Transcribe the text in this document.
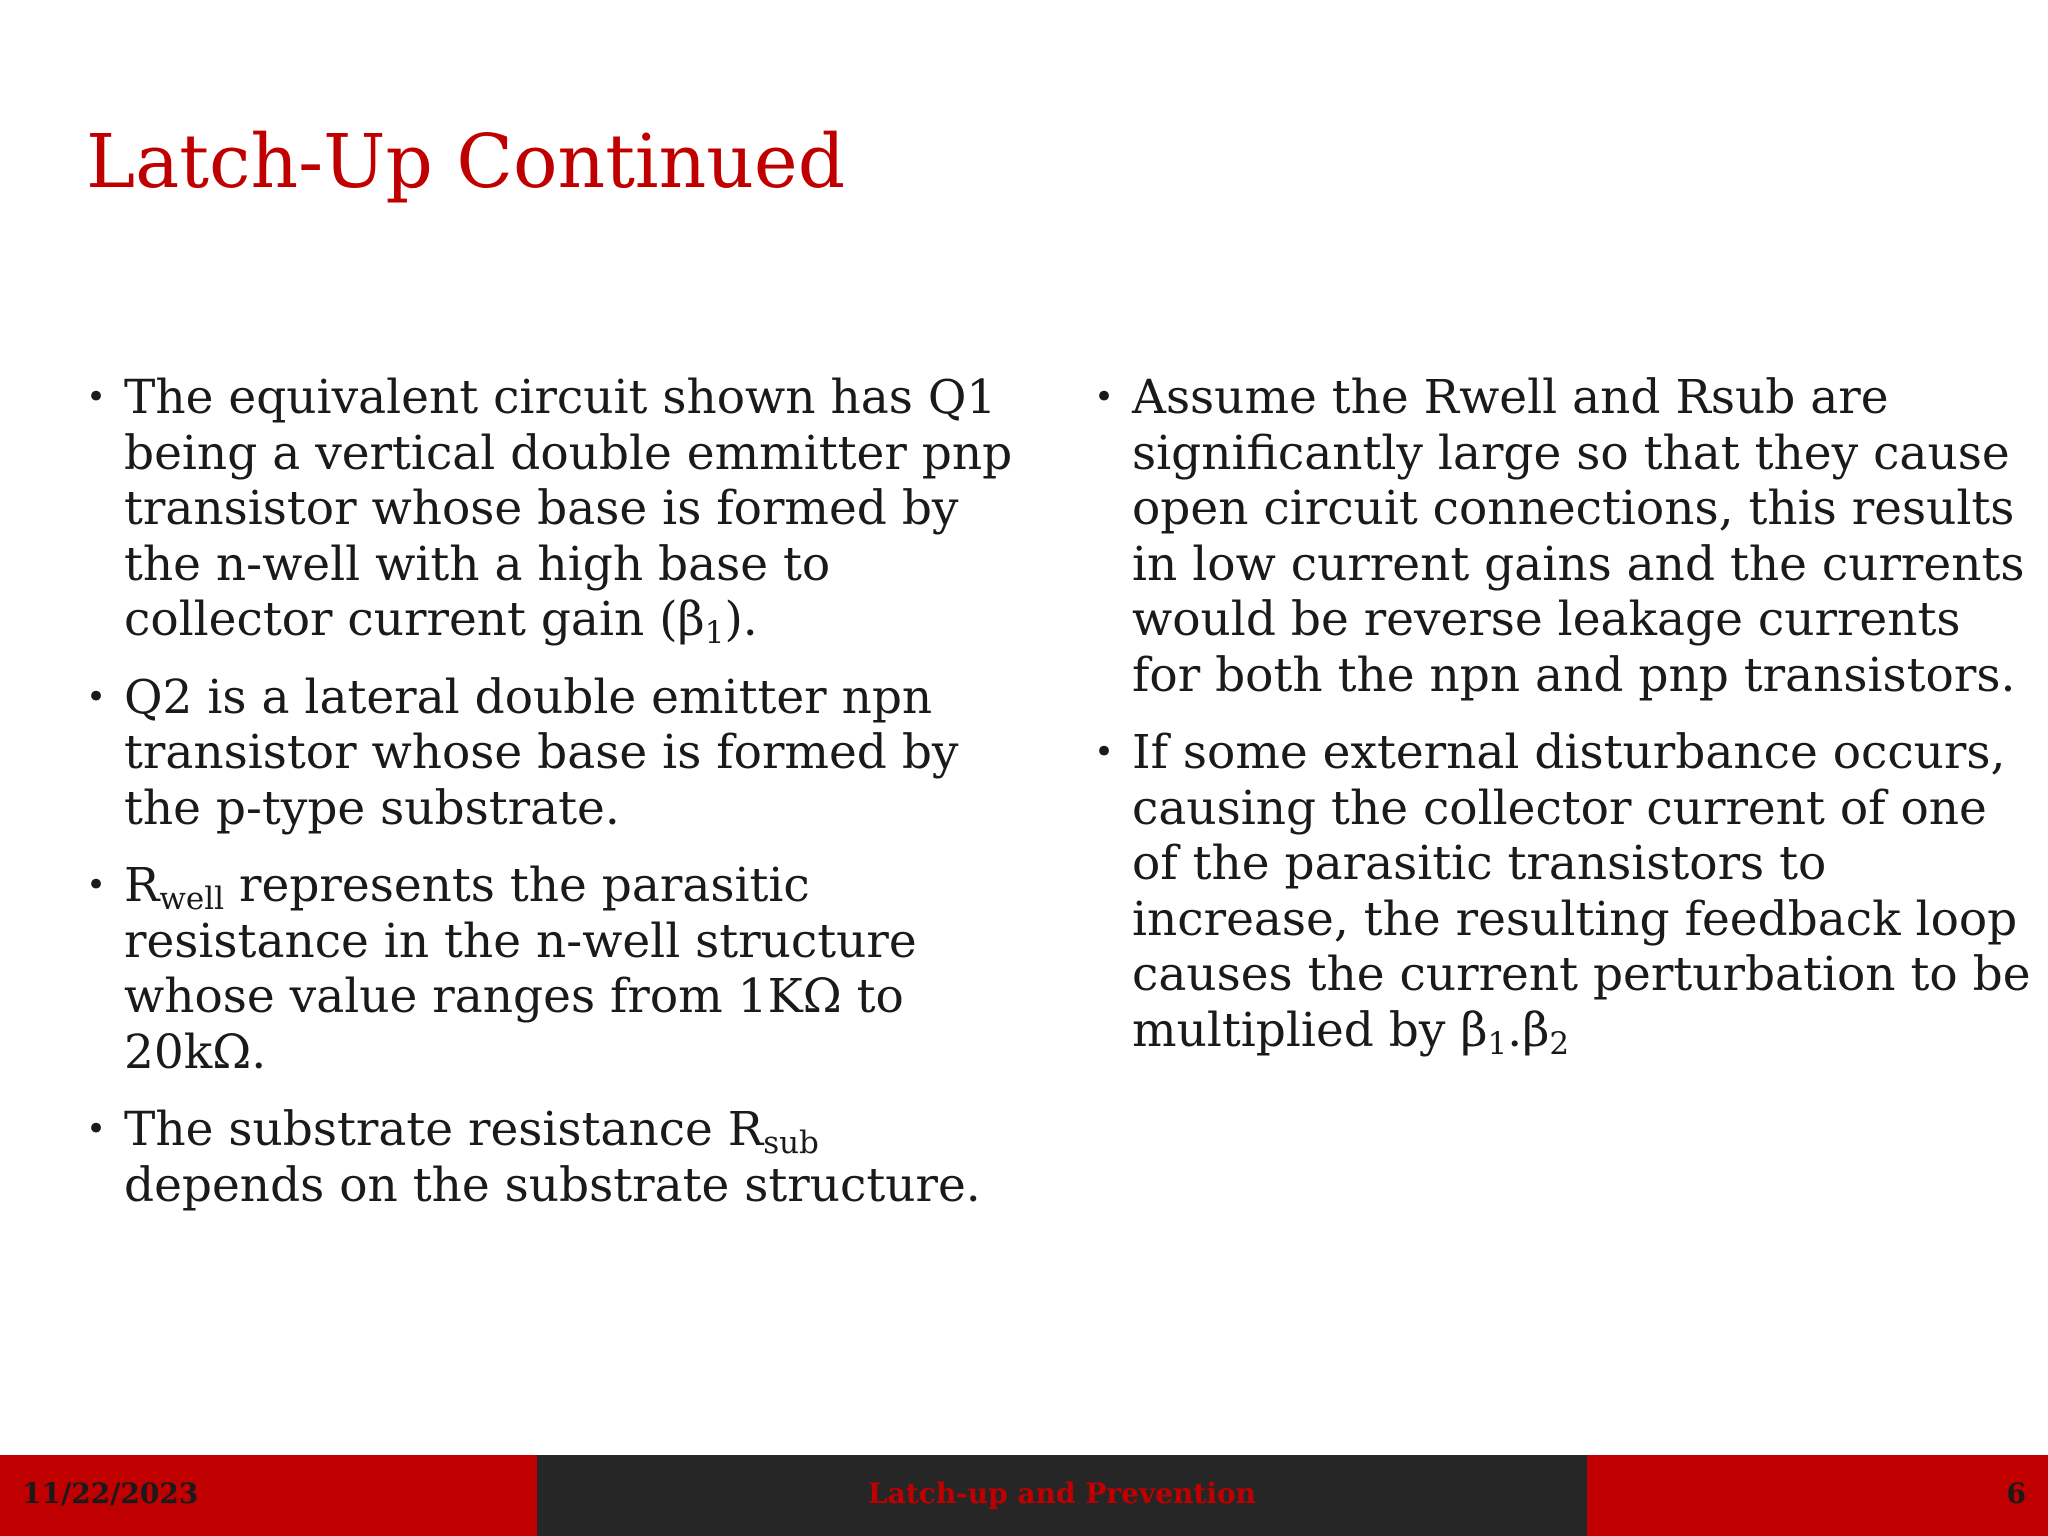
Latch-Up Continued
• The equivalent circuit shown has Q1 being a vertical double emmitter pnp transistor whose base is formed by the n-well with a high base to collector current gain $(\beta_1)$.
• Q2 is a lateral double emitter npn transistor whose base is formed by the p-type substrate.
• $R_{well}$ represents the parasitic resistance in the n-well structure whose value ranges from 1KΩ to 20kΩ.
• The substrate resistance $R_{sub}$ depends on the substrate structure.
• Assume the Rwell and Rsub are significantly large so that they cause open circuit connections, this results in low current gains and the currents would be reverse leakage currents for both the npn and pnp transistors.
• If some external disturbance occurs, causing the collector current of one of the parasitic transistors to increase, the resulting feedback loop causes the current perturbation to be multiplied by $\beta_1.\beta_2$
11/22/2023	Latch-up and Prevention	6
